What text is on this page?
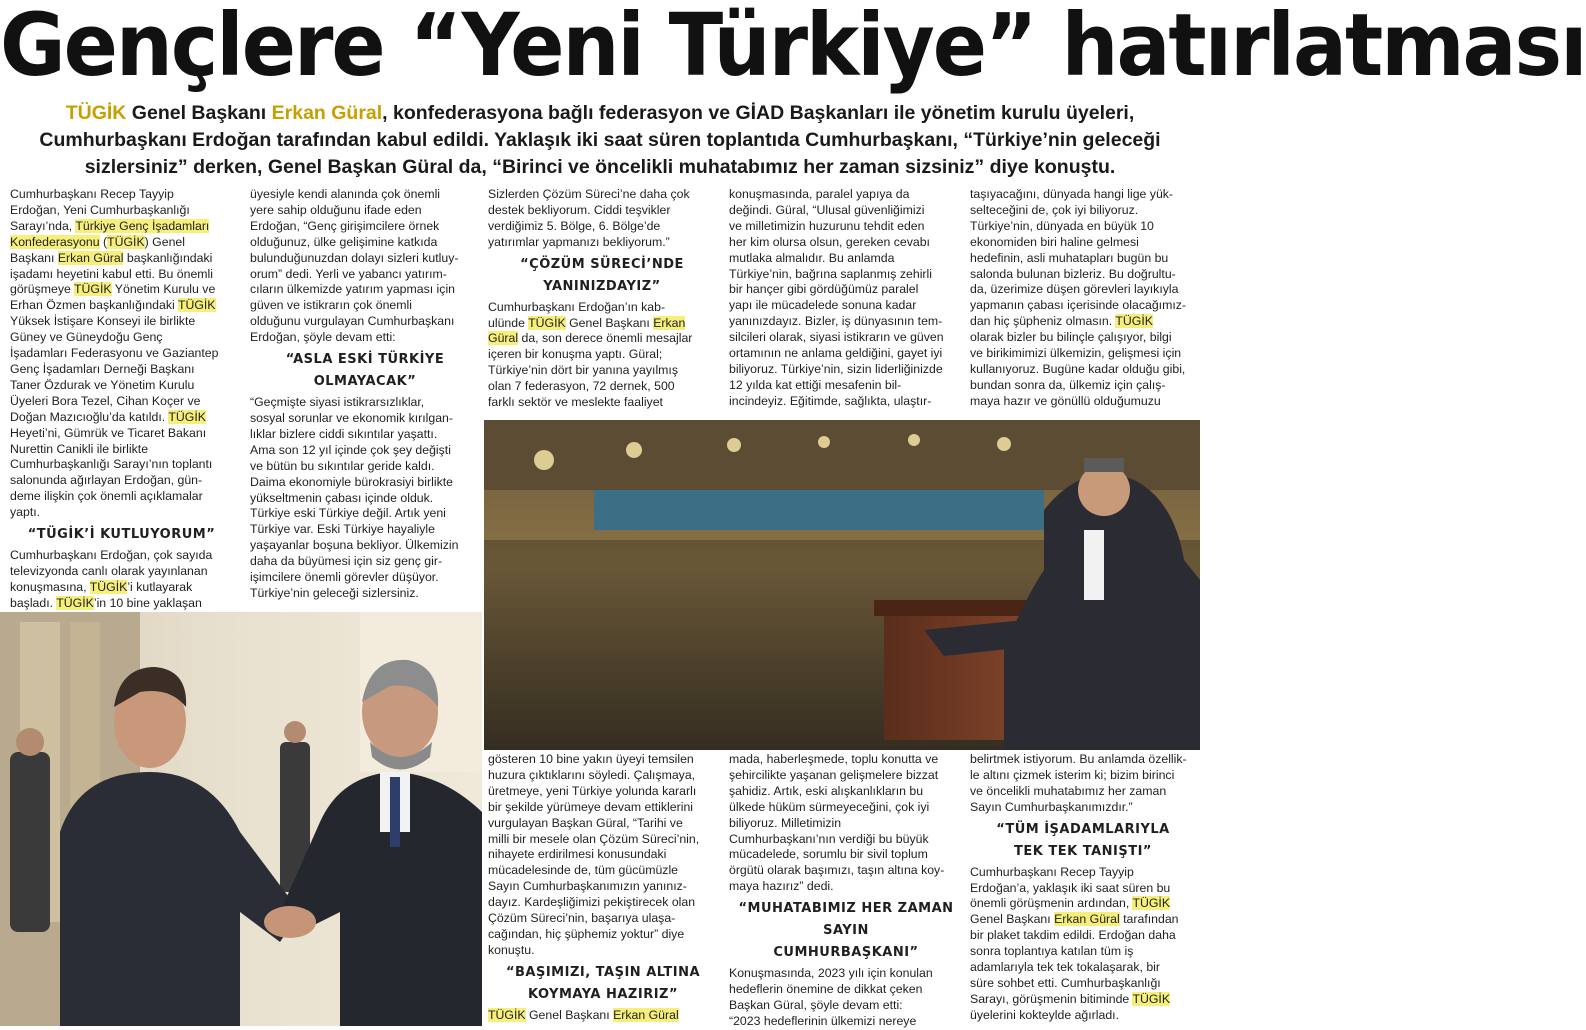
Gençlere “Yeni Türkiye” hatırlatması

TÜGİK Genel Başkanı Erkan Güral, konfederasyona bağlı federasyon ve GİAD Başkanları ile yönetim kurulu üyeleri,

Cumhurbaşkanı Erdoğan tarafından kabul edildi. Yaklaşık iki saat süren toplantıda Cumhurbaşkanı, “Türkiye’nin geleceği

sizlersiniz” derken, Genel Başkan Güral da, “Birinci ve öncelikli muhatabımız her zaman sizsiniz” diye konuştu.

Cumhurbaşkanı Recep Tayyip

Erdoğan, Yeni Cumhurbaşkanlığı

Sarayı’nda, Türkiye Genç İşadamları

Konfederasyonu (TÜGİK) Genel

Başkanı Erkan Güral başkanlığındaki

işadamı heyetini kabul etti. Bu önemli

görüşmeye TÜGİK Yönetim Kurulu ve

Erhan Özmen başkanlığındaki TÜGİK

Yüksek İstişare Konseyi ile birlikte

Güney ve Güneydoğu Genç

İşadamları Federasyonu ve Gaziantep

Genç İşadamları Derneği Başkanı

Taner Özdurak ve Yönetim Kurulu

Üyeleri Bora Tezel, Cihan Koçer ve

Doğan Mazıcıoğlu’da katıldı. TÜGİK

Heyeti’ni, Gümrük ve Ticaret Bakanı

Nurettin Canikli ile birlikte

Cumhurbaşkanlığı Sarayı’nın toplantı

salonunda ağırlayan Erdoğan, gün-

deme ilişkin çok önemli açıklamalar

yaptı.

“TÜGİK’İ KUTLUYORUM”

Cumhurbaşkanı Erdoğan, çok sayıda

televizyonda canlı olarak yayınlanan

konuşmasına, TÜGİK’i kutlayarak

başladı. TÜGİK’in 10 bine yaklaşan

üyesiyle kendi alanında çok önemli

yere sahip olduğunu ifade eden

Erdoğan, “Genç girişimcilere örnek

olduğunuz, ülke gelişimine katkıda

bulunduğunuzdan dolayı sizleri kutluy-

orum” dedi. Yerli ve yabancı yatırım-

cıların ülkemizde yatırım yapması için

güven ve istikrarın çok önemli

olduğunu vurgulayan Cumhurbaşkanı

Erdoğan, şöyle devam etti:

“ASLA ESKİ TÜRKİYE

OLMAYACAK”

“Geçmişte siyasi istikrarsızlıklar,

sosyal sorunlar ve ekonomik kırılgan-

lıklar bizlere ciddi sıkıntılar yaşattı.

Ama son 12 yıl içinde çok şey değişti

ve bütün bu sıkıntılar geride kaldı.

Daima ekonomiyle bürokrasiyi birlikte

yükseltmenin çabası içinde olduk.

Türkiye eski Türkiye değil. Artık yeni

Türkiye var. Eski Türkiye hayaliyle

yaşayanlar boşuna bekliyor. Ülkemizin

daha da büyümesi için siz genç gir-

işimcilere önemli görevler düşüyor.

Türkiye’nin geleceği sizlersiniz.

Sizlerden Çözüm Süreci’ne daha çok

destek bekliyorum. Ciddi teşvikler

verdiğimiz 5. Bölge, 6. Bölge’de

yatırımlar yapmanızı bekliyorum.”

“ÇÖZÜM SÜRECİ’NDE

YANINIZDAYIZ”

Cumhurbaşkanı Erdoğan’ın kab-

ulünde TÜGİK Genel Başkanı Erkan

Güral da, son derece önemli mesajlar

içeren bir konuşma yaptı. Güral;

Türkiye’nin dört bir yanına yayılmış

olan 7 federasyon, 72 dernek, 500

farklı sektör ve meslekte faaliyet

konuşmasında, paralel yapıya da

değindi. Güral, “Ulusal güvenliğimizi

ve milletimizin huzurunu tehdit eden

her kim olursa olsun, gereken cevabı

mutlaka almalıdır. Bu anlamda

Türkiye’nin, bağrına saplanmış zehirli

bir hançer gibi gördüğümüz paralel

yapı ile mücadelede sonuna kadar

yanınızdayız. Bizler, iş dünyasının tem-

silcileri olarak, siyasi istikrarın ve güven

ortamının ne anlama geldiğini, gayet iyi

biliyoruz. Türkiye’nin, sizin liderliğinizde

12 yılda kat ettiği mesafenin bil-

incindeyiz. Eğitimde, sağlıkta, ulaştır-

taşıyacağını, dünyada hangi lige yük-

selteceğini de, çok iyi biliyoruz.

Türkiye’nin, dünyada en büyük 10

ekonomiden biri haline gelmesi

hedefinin, asli muhatapları bugün bu

salonda bulunan bizleriz. Bu doğrultu-

da, üzerimize düşen görevleri layıkıyla

yapmanın çabası içerisinde olacağımız-

dan hiç şüpheniz olmasın. TÜGİK

olarak bizler bu bilinçle çalışıyor, bilgi

ve birikimimizi ülkemizin, gelişmesi için

kullanıyoruz. Bugüne kadar olduğu gibi,

bundan sonra da, ülkemiz için çalış-

maya hazır ve gönüllü olduğumuzu

gösteren 10 bine yakın üyeyi temsilen

huzura çıktıklarını söyledi. Çalışmaya,

üretmeye, yeni Türkiye yolunda kararlı

bir şekilde yürümeye devam ettiklerini

vurgulayan Başkan Güral, “Tarihi ve

milli bir mesele olan Çözüm Süreci’nin,

nihayete erdirilmesi konusundaki

mücadelesinde de, tüm gücümüzle

Sayın Cumhurbaşkanımızın yanınız-

dayız. Kardeşliğimizi pekiştirecek olan

Çözüm Süreci’nin, başarıya ulaşa-

cağından, hiç şüphemiz yoktur” diye

konuştu.

“BAŞIMIZI, TAŞIN ALTINA

KOYMAYA HAZIRIZ”

TÜGİK Genel Başkanı Erkan Güral

mada, haberleşmede, toplu konutta ve

şehircilikte yaşanan gelişmelere bizzat

şahidiz. Artık, eski alışkanlıkların bu

ülkede hüküm sürmeyeceğini, çok iyi

biliyoruz. Milletimizin

Cumhurbaşkanı’nın verdiği bu büyük

mücadelede, sorumlu bir sivil toplum

örgütü olarak başımızı, taşın altına koy-

maya hazırız” dedi.

“MUHATABIMIZ HER ZAMAN

SAYIN

CUMHURBAŞKANI”

Konuşmasında, 2023 yılı için konulan

hedeflerin önemine de dikkat çeken

Başkan Güral, şöyle devam etti:

“2023 hedeflerinin ülkemizi nereye

belirtmek istiyorum. Bu anlamda özellik-

le altını çizmek isterim ki; bizim birinci

ve öncelikli muhatabımız her zaman

Sayın Cumhurbaşkanımızdır.”

“TÜM İŞADAMLARIYLA

TEK TEK TANIŞTI”

Cumhurbaşkanı Recep Tayyip

Erdoğan’a, yaklaşık iki saat süren bu

önemli görüşmenin ardından, TÜGİK

Genel Başkanı Erkan Güral tarafından

bir plaket takdim edildi. Erdoğan daha

sonra toplantıya katılan tüm iş

adamlarıyla tek tek tokalaşarak, bir

süre sohbet etti. Cumhurbaşkanlığı

Sarayı, görüşmenin bitiminde TÜGİK

üyelerini kokteylde ağırladı.
